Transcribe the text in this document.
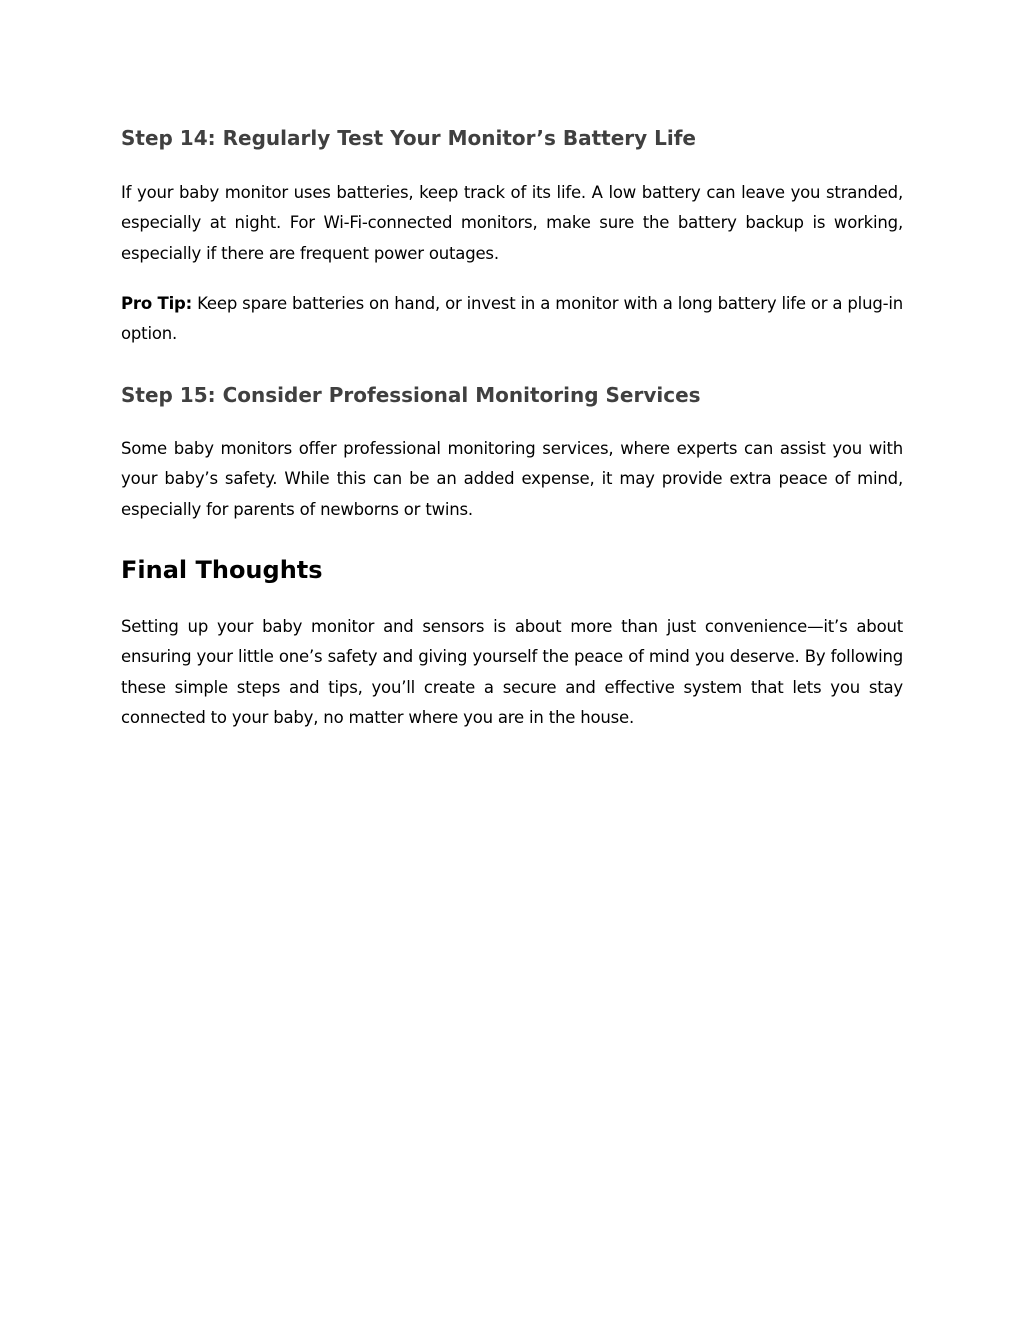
Step 14: Regularly Test Your Monitor’s Battery Life

If your baby monitor uses batteries, keep track of its life. A low battery can leave you stranded, especially at night. For Wi-Fi-connected monitors, make sure the battery backup is working, especially if there are frequent power outages.

Pro Tip: Keep spare batteries on hand, or invest in a monitor with a long battery life or a plug-in option.

Step 15: Consider Professional Monitoring Services

Some baby monitors offer professional monitoring services, where experts can assist you with your baby’s safety. While this can be an added expense, it may provide extra peace of mind, especially for parents of newborns or twins.

Final Thoughts

Setting up your baby monitor and sensors is about more than just convenience—it’s about ensuring your little one’s safety and giving yourself the peace of mind you deserve. By following these simple steps and tips, you’ll create a secure and effective system that lets you stay connected to your baby, no matter where you are in the house.
